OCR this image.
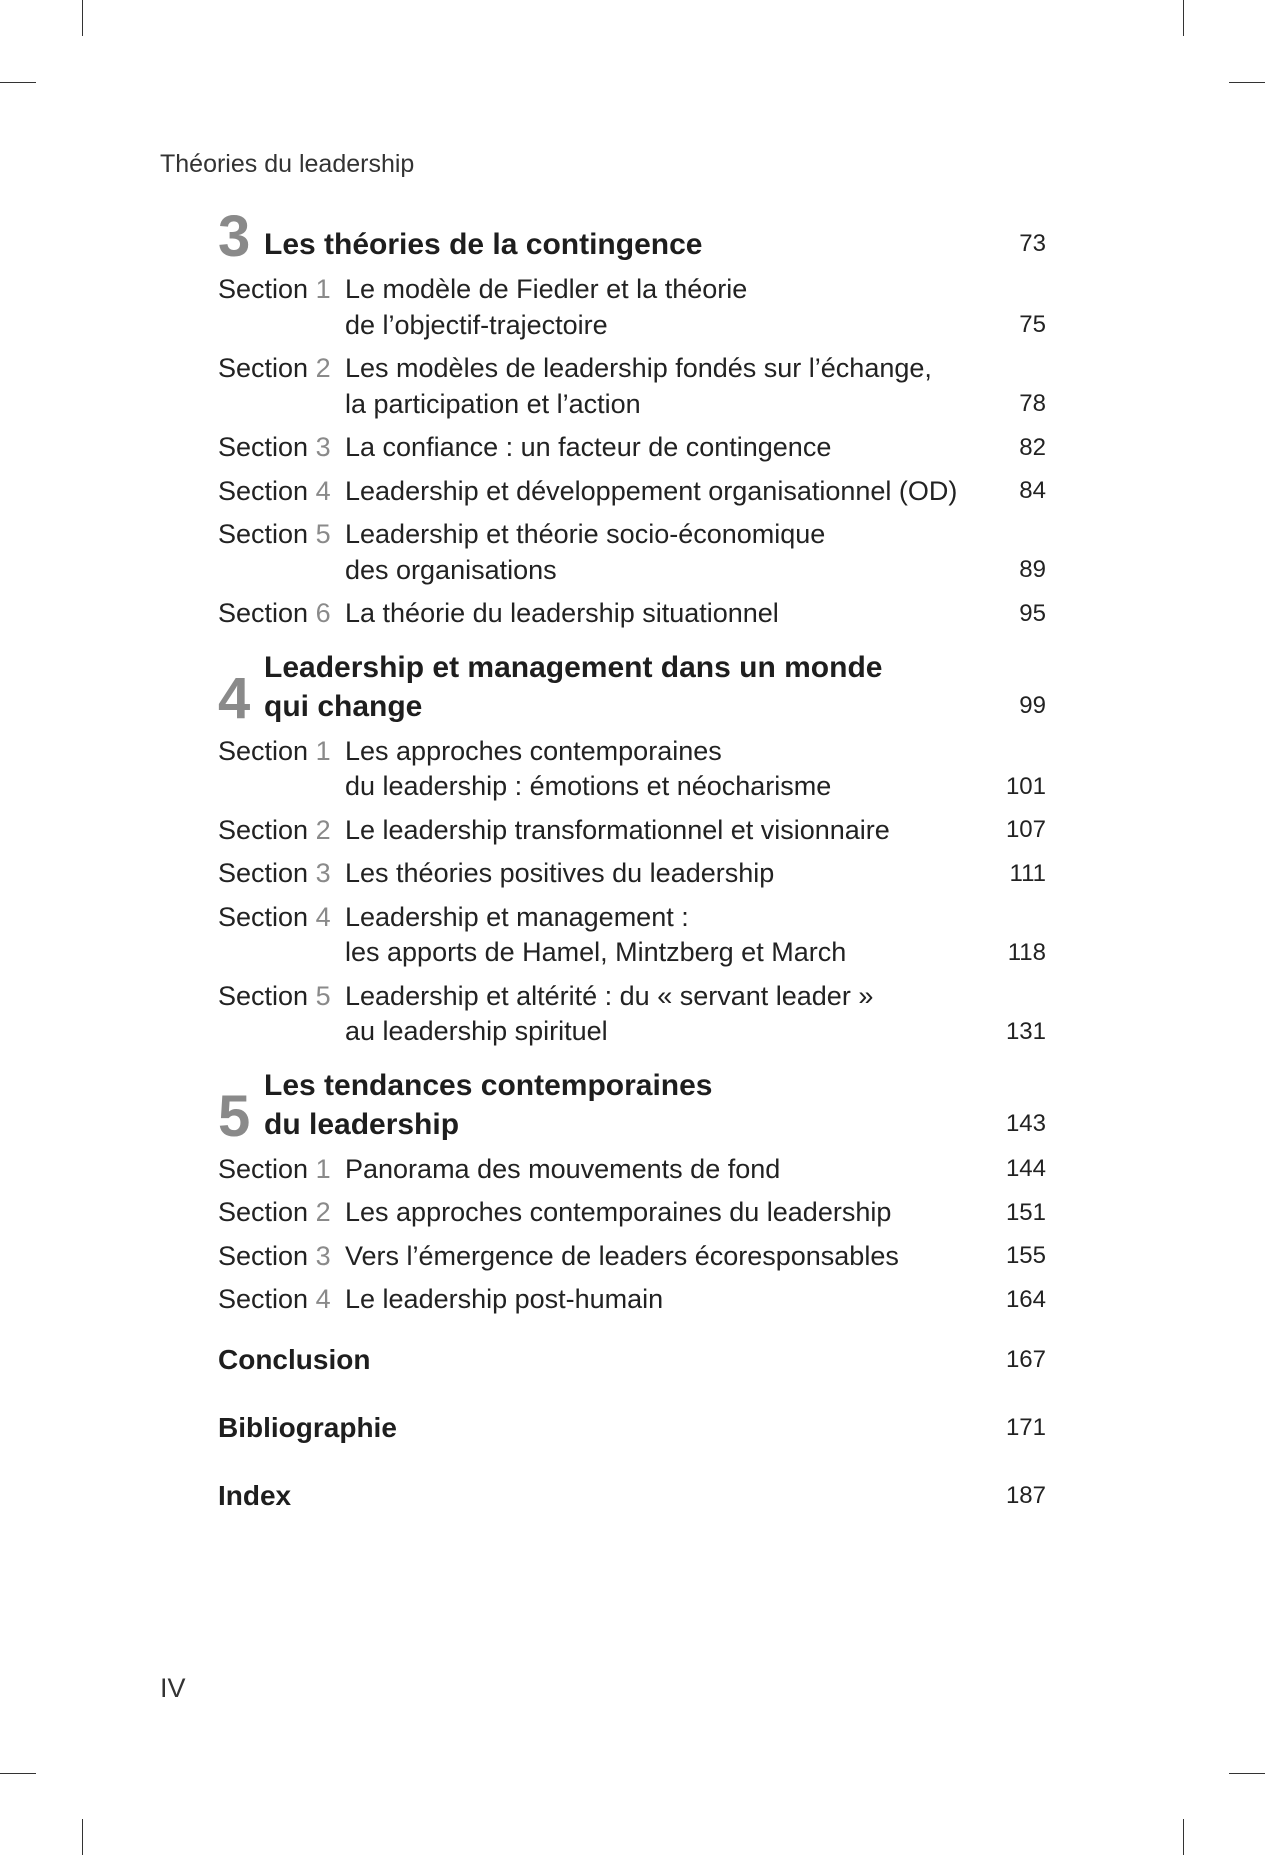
Théories du leadership
3 Les théories de la contingence	73
Section 1 Le modèle de Fiedler et la théorie
de l’objectif-trajectoire	75
Section 2 Les modèles de leadership fondés sur l’échange,
la participation et l’action	78
Section 3 La confiance : un facteur de contingence	82
Section 4 Leadership et développement organisationnel (OD)	84
Section 5 Leadership et théorie socio-économique
des organisations	89
Section 6 La théorie du leadership situationnel	95
4 Leadership et management dans un monde
qui change	99
Section 1 Les approches contemporaines
du leadership : émotions et néocharisme	101
Section 2 Le leadership transformationnel et visionnaire	107
Section 3 Les théories positives du leadership	111
Section 4 Leadership et management :
les apports de Hamel, Mintzberg et March	118
Section 5 Leadership et altérité : du « servant leader »
au leadership spirituel	131
5 Les tendances contemporaines
du leadership	143
Section 1 Panorama des mouvements de fond	144
Section 2 Les approches contemporaines du leadership	151
Section 3 Vers l’émergence de leaders écoresponsables	155
Section 4 Le leadership post-humain	164
Conclusion	167
Bibliographie	171
Index	187
IV
